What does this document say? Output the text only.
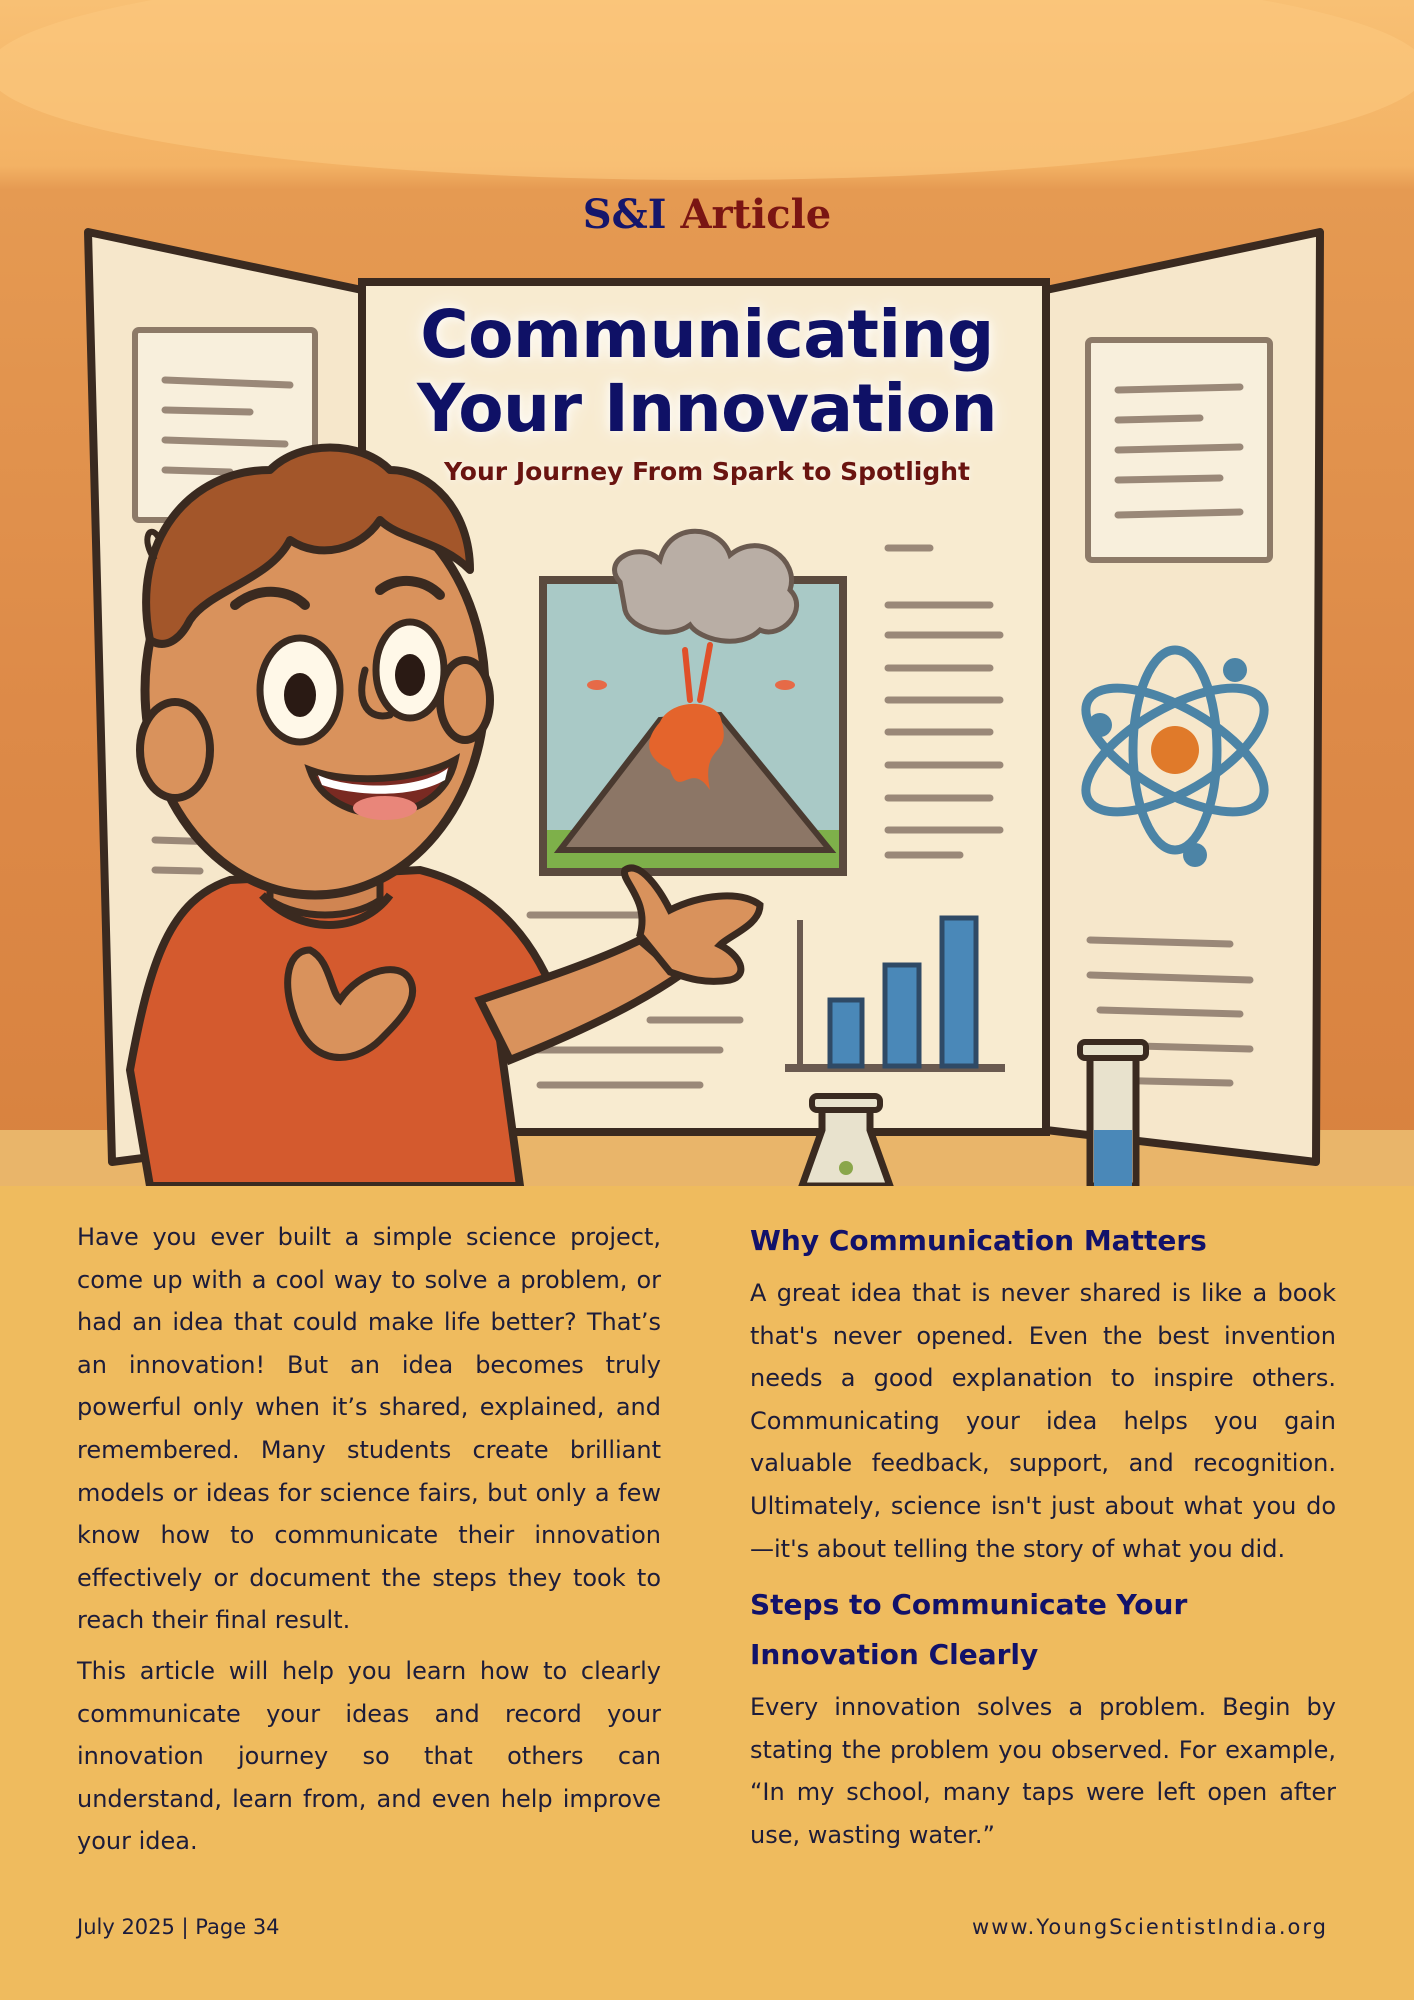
S&I Article
Communicating
Your Innovation
Your Journey From Spark to Spotlight

Have you ever built a simple science project, come up with a cool way to solve a problem, or had an idea that could make life better? That’s an innovation! But an idea becomes truly powerful only when it’s shared, explained, and remembered. Many students create brilliant models or ideas for science fairs, but only a few know how to communicate their innovation effectively or document the steps they took to reach their final result.

This article will help you learn how to clearly communicate your ideas and record your innovation journey so that others can understand, learn from, and even help improve your idea.

Why Communication Matters

A great idea that is never shared is like a book that's never opened. Even the best invention needs a good explanation to inspire others. Communicating your idea helps you gain valuable feedback, support, and recognition. Ultimately, science isn't just about what you do—it's about telling the story of what you did.

Steps to Communicate Your Innovation Clearly

Every innovation solves a problem. Begin by stating the problem you observed. For example, “In my school, many taps were left open after use, wasting water.”

July 2025 | Page 34	www.YoungScientistIndia.org
